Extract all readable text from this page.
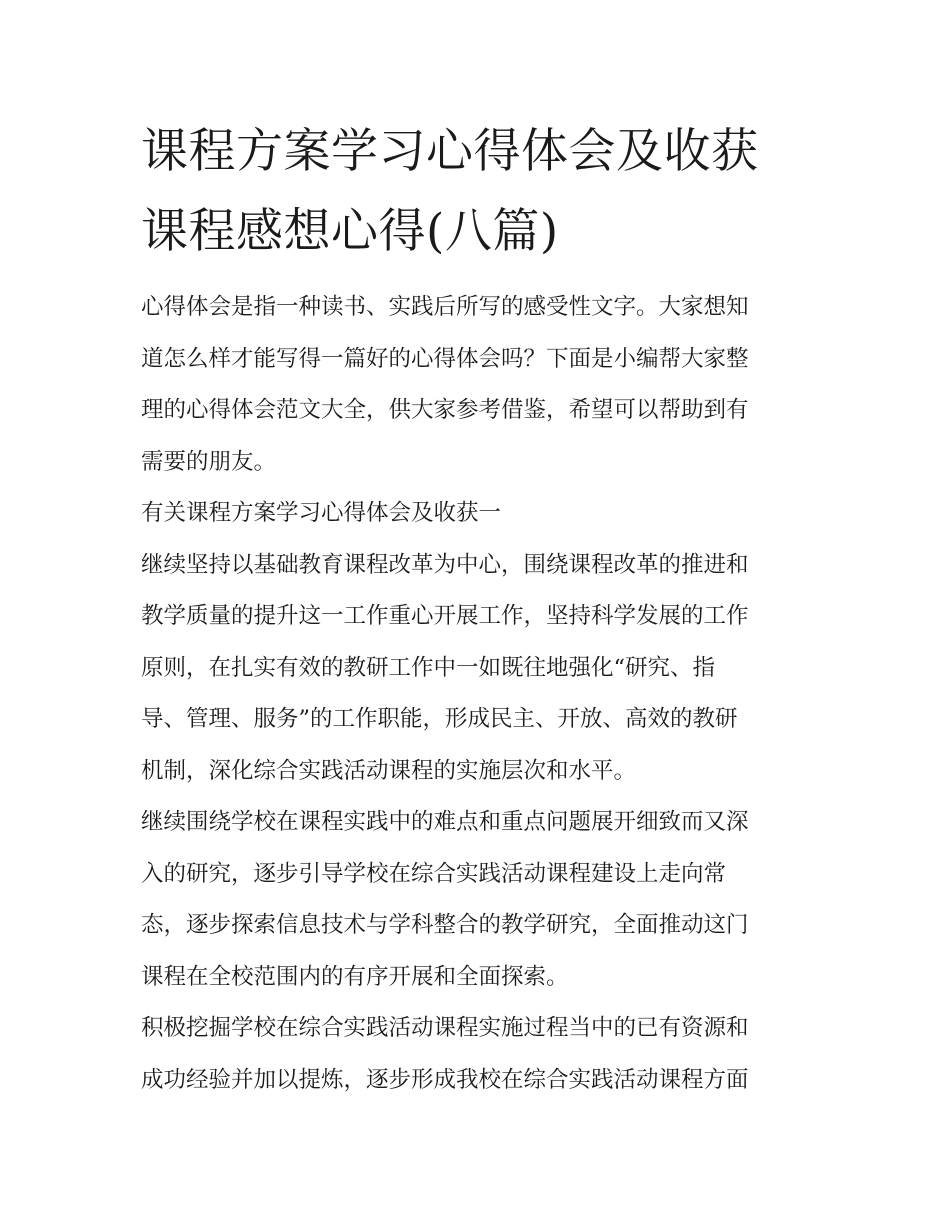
课程方案学习心得体会及收获
课程感想心得(八篇)

心得体会是指一种读书、实践后所写的感受性文字。大家想知
道怎么样才能写得一篇好的心得体会吗？下面是小编帮大家整
理的心得体会范文大全，供大家参考借鉴，希望可以帮助到有
需要的朋友。

有关课程方案学习心得体会及收获一

继续坚持以基础教育课程改革为中心，围绕课程改革的推进和
教学质量的提升这一工作重心开展工作，坚持科学发展的工作
原则，在扎实有效的教研工作中一如既往地强化“研究、指
导、管理、服务”的工作职能，形成民主、开放、高效的教研
机制，深化综合实践活动课程的实施层次和水平。

继续围绕学校在课程实践中的难点和重点问题展开细致而又深
入的研究，逐步引导学校在综合实践活动课程建设上走向常
态，逐步探索信息技术与学科整合的教学研究，全面推动这门
课程在全校范围内的有序开展和全面探索。

积极挖掘学校在综合实践活动课程实施过程当中的已有资源和
成功经验并加以提炼，逐步形成我校在综合实践活动课程方面
